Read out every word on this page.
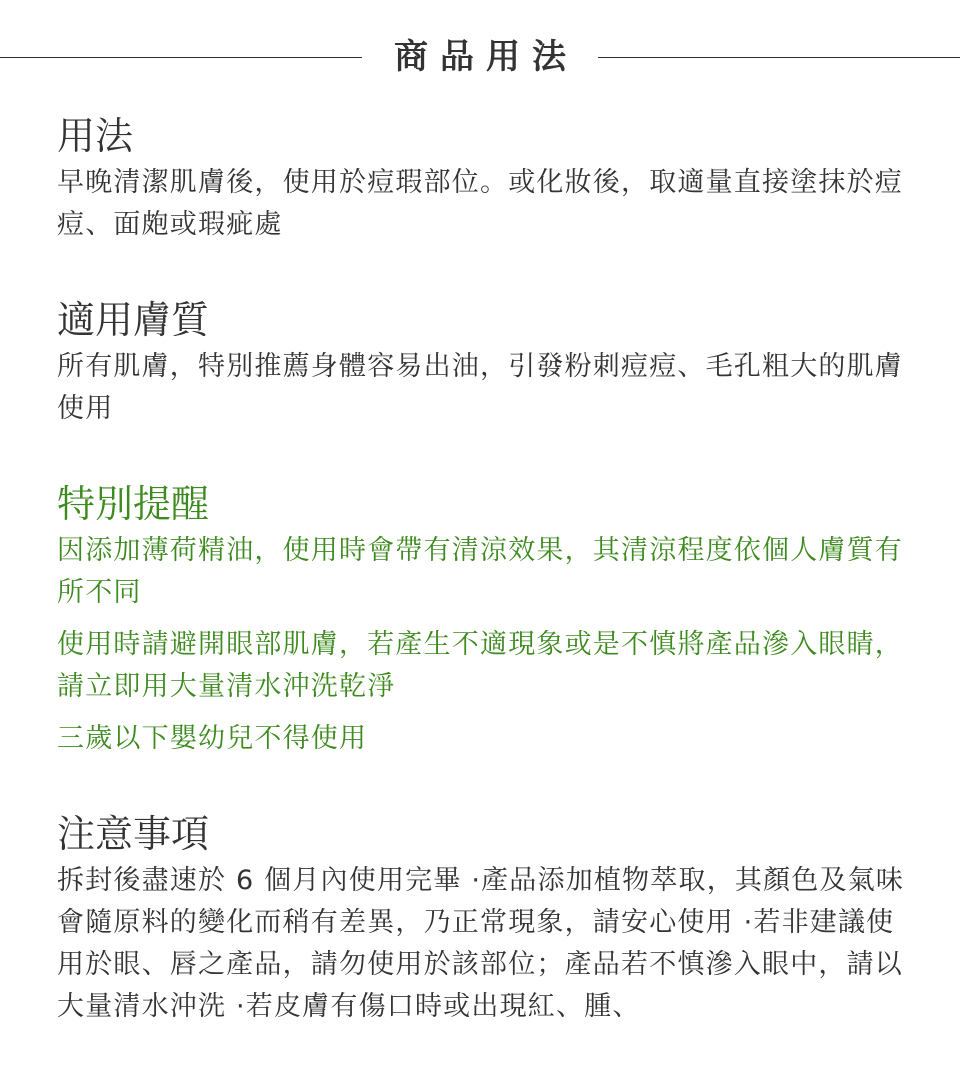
商品用法
用法

早晚清潔肌膚後，使用於痘瑕部位。或化妝後，取適量直接塗抹於痘痘、面皰或瑕疵處

適用膚質

所有肌膚，特別推薦身體容易出油，引發粉刺痘痘、毛孔粗大的肌膚使用

特別提醒

因添加薄荷精油，使用時會帶有清涼效果，其清涼程度依個人膚質有所不同

使用時請避開眼部肌膚，若產生不適現象或是不慎將產品滲入眼睛，請立即用大量清水沖洗乾淨

三歲以下嬰幼兒不得使用

注意事項

拆封後盡速於 6 個月內使用完畢 ·產品添加植物萃取，其顏色及氣味會隨原料的變化而稍有差異，乃正常現象，請安心使用 ·若非建議使用於眼、唇之產品，請勿使用於該部位；產品若不慎滲入眼中，請以大量清水沖洗 ·若皮膚有傷口時或出現紅、腫、
